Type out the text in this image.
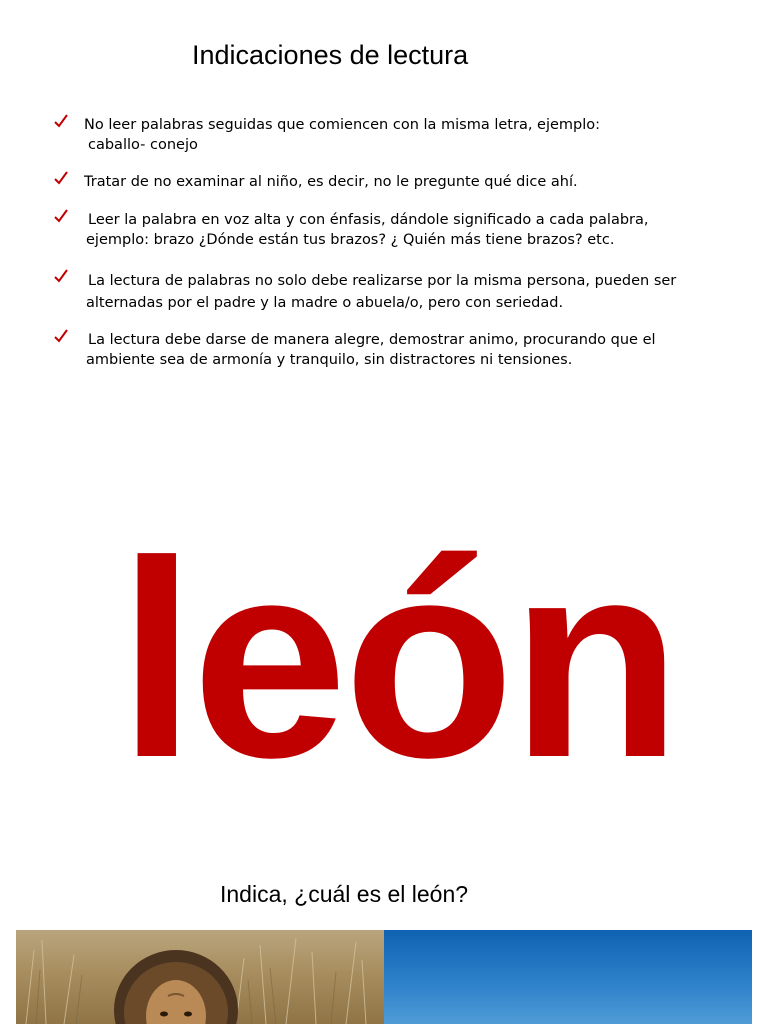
Indicaciones de lectura
No leer palabras seguidas que comiencen con la misma letra, ejemplo:
caballo- conejo
Tratar de no examinar al niño, es decir, no le pregunte qué dice ahí.
Leer la palabra en voz alta y con énfasis, dándole significado a cada palabra,
ejemplo: brazo ¿Dónde están tus brazos? ¿ Quién más tiene brazos? etc.
La lectura de palabras no solo debe realizarse por la misma persona, pueden ser
alternadas por el padre y la madre o abuela/o, pero con seriedad.
La lectura debe darse de manera alegre, demostrar animo, procurando que el
ambiente sea de armonía y tranquilo, sin distractores ni tensiones.
león
Indica, ¿cuál es el león?
